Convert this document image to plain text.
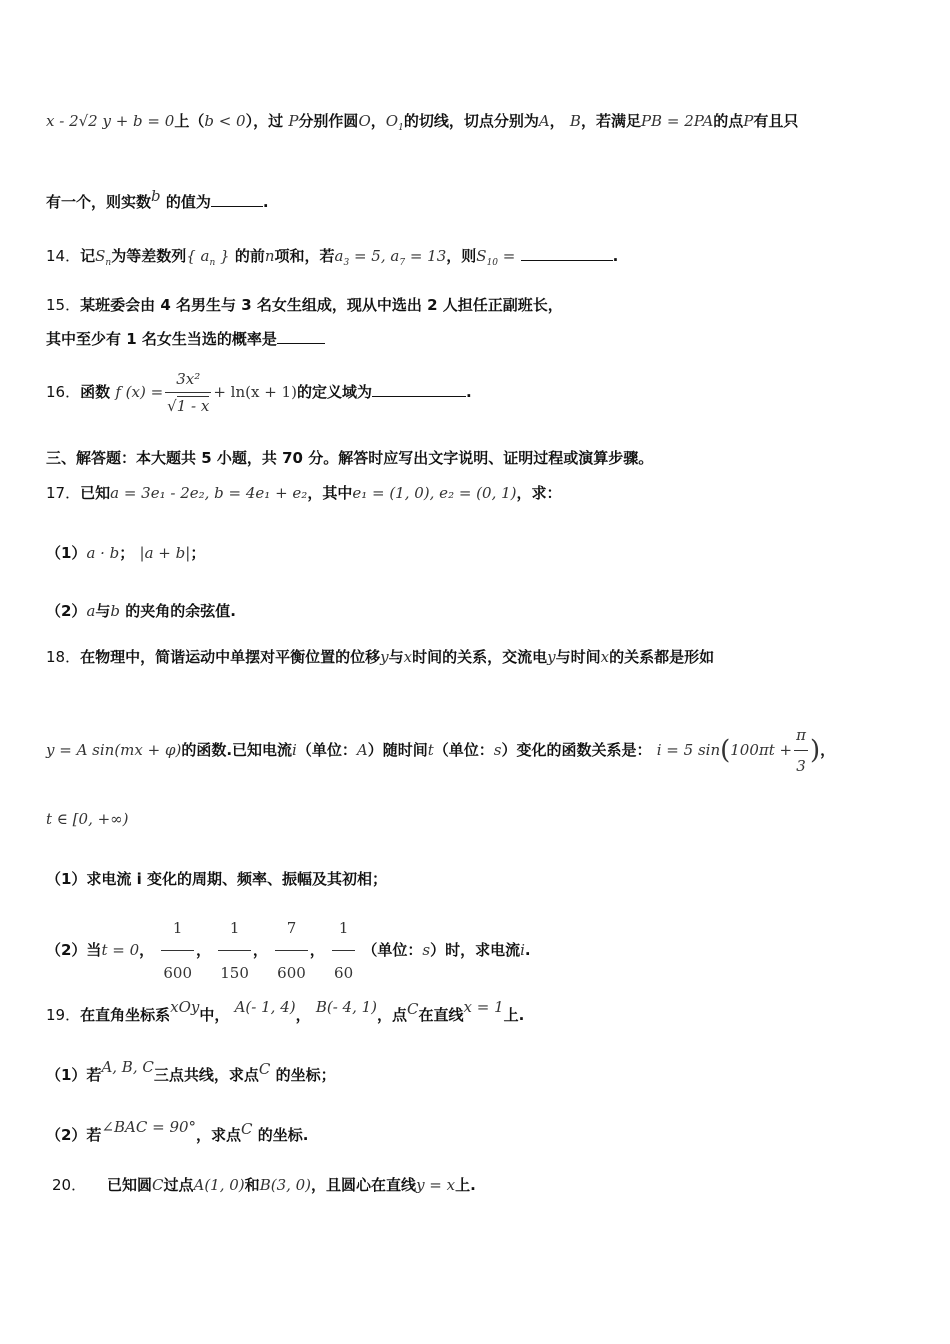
x - 2√2 y + b = 0上（b < 0），过 P分别作圆O，$O_1$的切线，切点分别为A， B，若满足PB = 2PA的点P有且只
有一个，则实数b 的值为	.
14．记$S_n$为等差数列{ $a_n$ } 的前n项和，若$a_3 = 5$, $a_7 = 13$，则$S_{10}$ =	.
15．某班委会由 4 名男生与 3 名女生组成，现从中选出 2 人担任正副班长，
其中至少有 1 名女生当选的概率是
16．函数 f $(x) = \frac{\text{3x²}}{√1 - x} + \ln(x + 1)$的定义域为	.
三、解答题：本大题共 5 小题，共 70 分。解答时应写出文字说明、证明过程或演算步骤。
17．已知a = 3e₁ - 2e₂, b = 4e₁ + e₂，其中e₁ = (1, 0), e₂ = (0, 1)，求：
（1）a · b； |a + b|；
（2）a与b 的夹角的余弦值.
18．在物理中，简谐运动中单摆对平衡位置的位移y与x时间的关系，交流电y与时间x的关系都是形如
y = A sin(mx + φ)的函数.已知电流i（单位：A）随时间t（单位：s）变化的函数关系是： i = 5 $\sin(100\pi t + \frac{\pi}{3}$ )，
t ∈ [0, +∞)
（1）求电流 i 变化的周期、频率、振幅及其初相；
（2）当t = 0， $\frac{1}{600}$ ， $\frac{1}{150}$ ， $\frac{7}{600}$ ， $\frac{1}{60}$ （单位：s）时，求电流i.
19．在直角坐标系xOy中， A(- 1, 4)， B(- 4, 1)，点C在直线x = 1上.
（1）若A, B, C三点共线，求点C 的坐标；
（2）若∠BAC = 90°，求点C 的坐标.
20． 已知圆C过点A(1, 0)和B(3, 0)，且圆心在直线y = x上.
